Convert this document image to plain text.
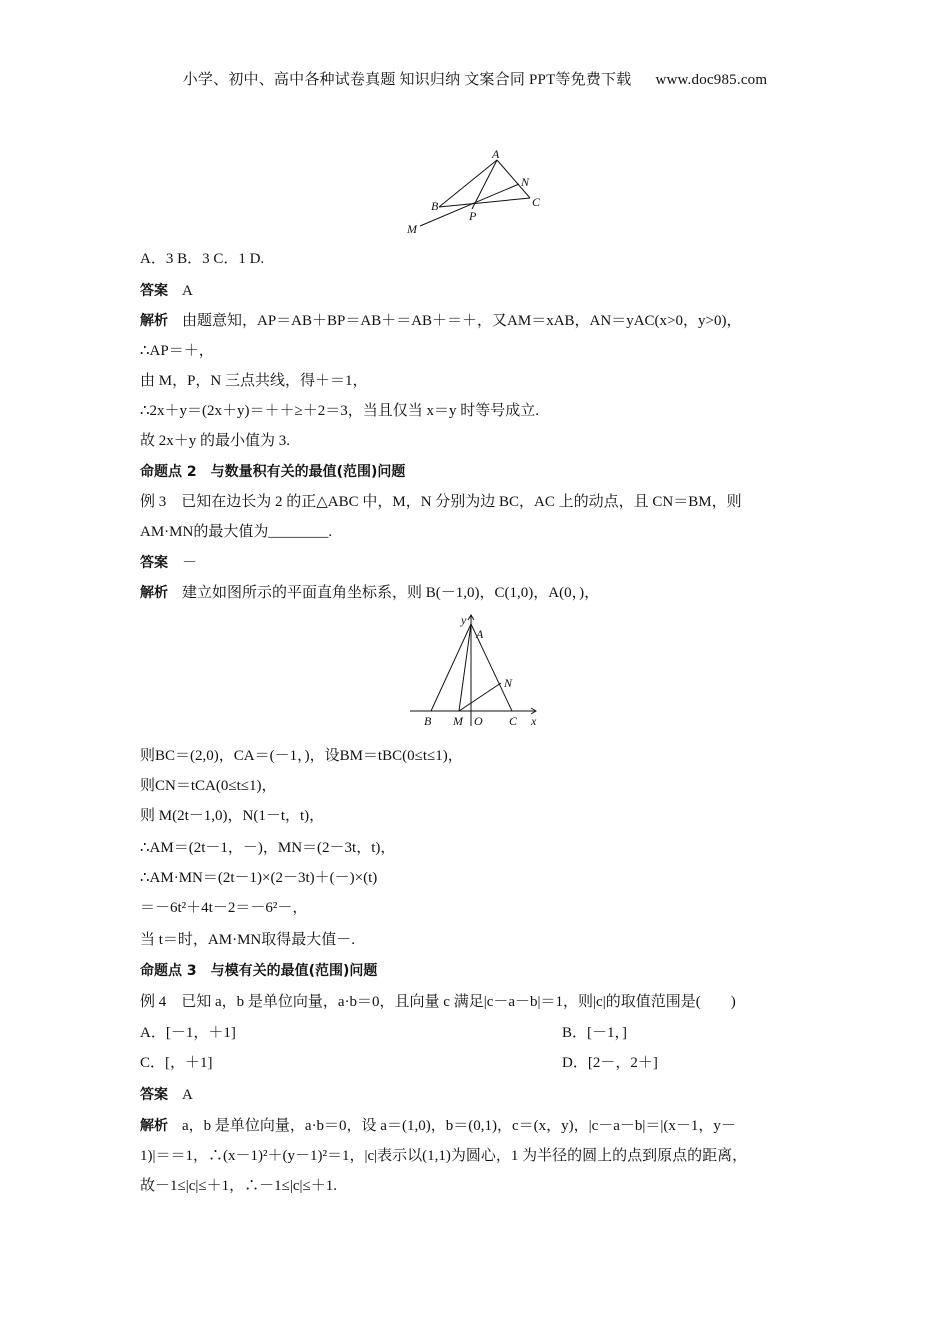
小学、初中、高中各种试卷真题 知识归纳 文案合同 PPT等免费下载 www.doc985.com
A
N
B	C
P
M
A．3 B．3 C．1 D.
答案 A
解析 由题意知，AP＝AB＋BP＝AB＋＝AB＋＝＋，又AM＝xAB，AN＝yAC(x>0，y>0)，
∴AP＝＋，
由 M，P，N 三点共线，得＋＝1，
∴2x＋y＝(2x＋y)＝＋＋≥＋2＝3，当且仅当 x＝y 时等号成立.
故 2x＋y 的最小值为 3.
命题点 2　与数量积有关的最值(范围)问题
例 3　已知在边长为 2 的正△ABC 中，M，N 分别为边 BC，AC 上的动点，且 CN＝BM，则
AM·MN的最大值为________.
答案 －
解析 建立如图所示的平面直角坐标系，则 B(－1,0)，C(1,0)，A(0，)，
y
A
N
B M O C x
则BC＝(2,0)，CA＝(－1，)，设BM＝tBC(0≤t≤1)，
则CN＝tCA(0≤t≤1)，
则 M(2t－1,0)，N(1－t，t)，
∴AM＝(2t－1，－)，MN＝(2－3t，t)，
∴AM·MN＝(2t－1)×(2－3t)＋(－)×(t)
＝－6t²＋4t－2＝－6²－，
当 t＝时，AM·MN取得最大值－.
命题点 3　与模有关的最值(范围)问题
例 4　已知 a，b 是单位向量，a·b＝0，且向量 c 满足|c－a－b|＝1，则|c|的取值范围是(　　)
A．[－1，＋1]	B．[－1，]
C．[，＋1]	D．[2－，2＋]
答案 A
解析 a，b 是单位向量，a·b＝0，设 a＝(1,0)，b＝(0,1)，c＝(x，y)，|c－a－b|＝|(x－1，y－
1)|＝＝1，∴(x－1)²＋(y－1)²＝1，|c|表示以(1,1)为圆心，1 为半径的圆上的点到原点的距离，
故－1≤|c|≤＋1，∴－1≤|c|≤＋1.
